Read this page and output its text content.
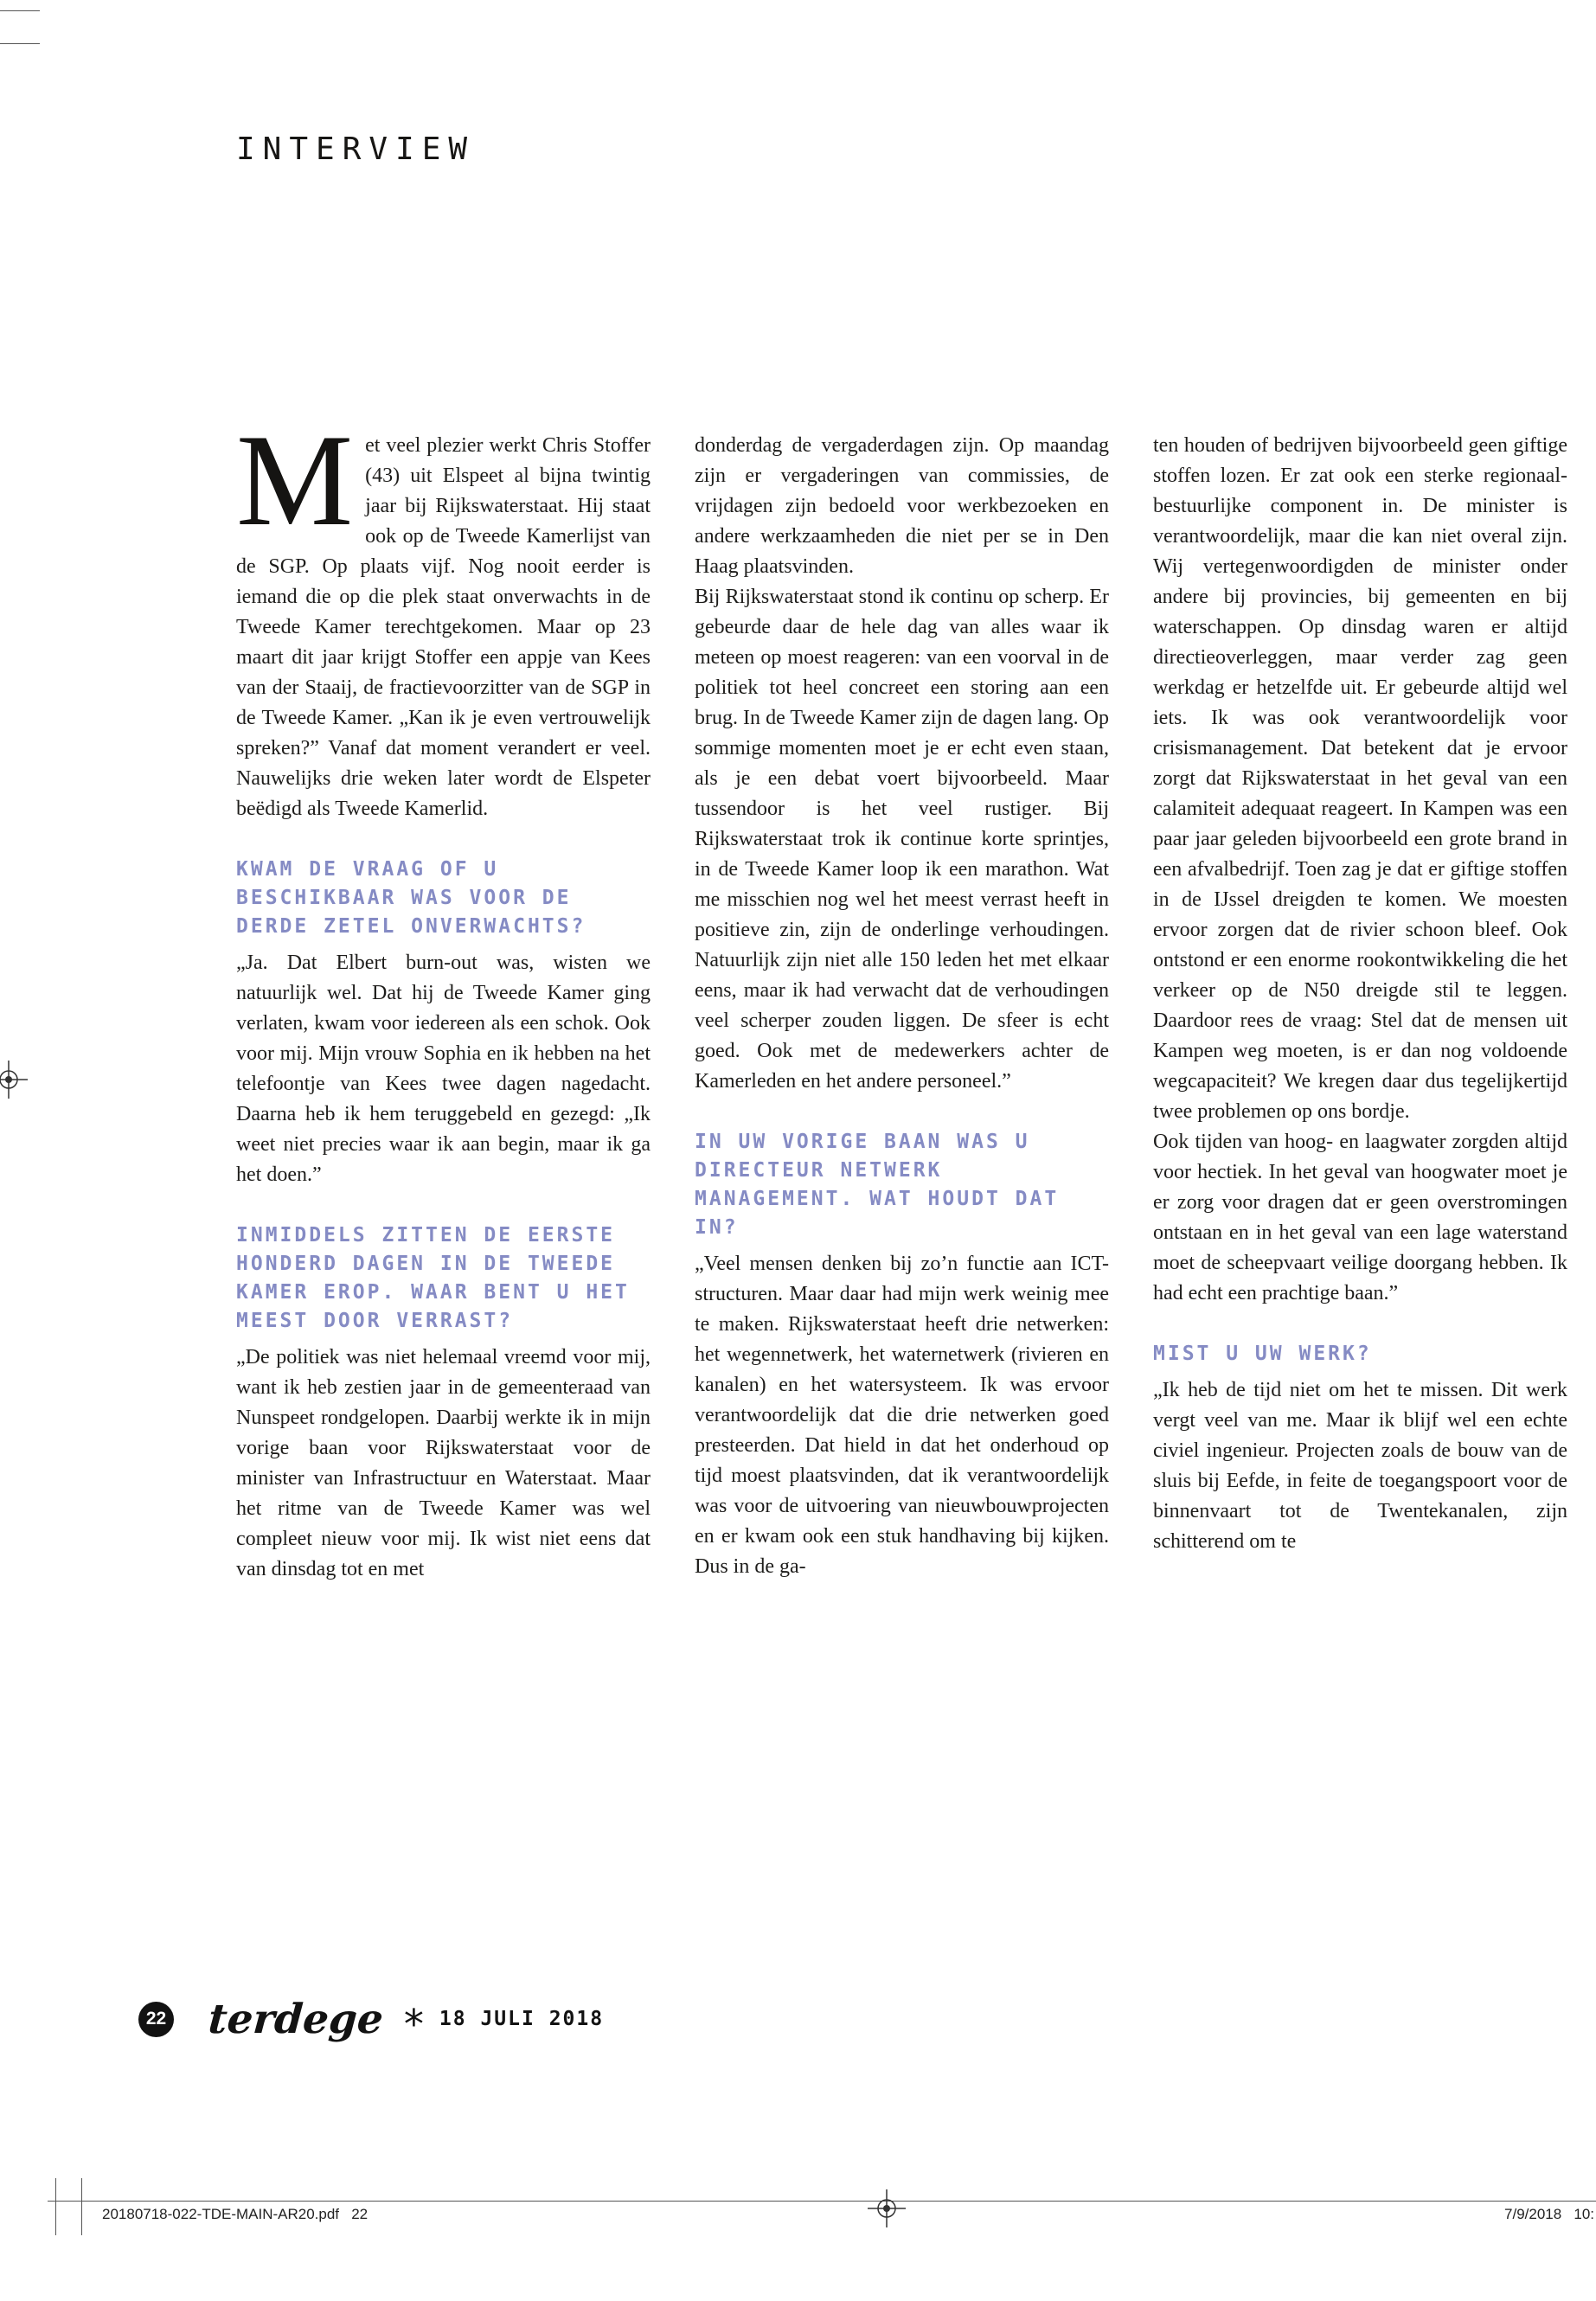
INTERVIEW

Met veel plezier werkt Chris Stoffer (43) uit Elspeet al bijna twintig jaar bij Rijkswaterstaat. Hij staat ook op de Tweede Kamerlijst van de SGP. Op plaats vijf. Nog nooit eerder is iemand die op die plek staat onverwachts in de Tweede Kamer terechtgekomen. Maar op 23 maart dit jaar krijgt Stoffer een appje van Kees van der Staaij, de fractievoorzitter van de SGP in de Tweede Kamer. „Kan ik je even vertrouwelijk spreken?” Vanaf dat moment verandert er veel. Nauwelijks drie weken later wordt de Elspeter beëdigd als Tweede Kamerlid.

KWAM DE VRAAG OF U BESCHIKBAAR WAS VOOR DE DERDE ZETEL ONVERWACHTS?

„Ja. Dat Elbert burn-out was, wisten we natuurlijk wel. Dat hij de Tweede Kamer ging verlaten, kwam voor iedereen als een schok. Ook voor mij. Mijn vrouw Sophia en ik hebben na het telefoontje van Kees twee dagen nagedacht. Daarna heb ik hem teruggebeld en gezegd: „Ik weet niet precies waar ik aan begin, maar ik ga het doen.”

INMIDDELS ZITTEN DE EERSTE HONDERD DAGEN IN DE TWEEDE KAMER EROP. WAAR BENT U HET MEEST DOOR VERRAST?

„De politiek was niet helemaal vreemd voor mij, want ik heb zestien jaar in de gemeenteraad van Nunspeet rondgelopen. Daarbij werkte ik in mijn vorige baan voor Rijkswaterstaat voor de minister van Infrastructuur en Waterstaat. Maar het ritme van de Tweede Kamer was wel compleet nieuw voor mij. Ik wist niet eens dat van dinsdag tot en met

donderdag de vergaderdagen zijn. Op maandag zijn er vergaderingen van commissies, de vrijdagen zijn bedoeld voor werkbezoeken en andere werkzaamheden die niet per se in Den Haag plaatsvinden.

Bij Rijkswaterstaat stond ik continu op scherp. Er gebeurde daar de hele dag van alles waar ik meteen op moest reageren: van een voorval in de politiek tot heel concreet een storing aan een brug. In de Tweede Kamer zijn de dagen lang. Op sommige momenten moet je er echt even staan, als je een debat voert bijvoorbeeld. Maar tussendoor is het veel rustiger. Bij Rijkswaterstaat trok ik continue korte sprintjes, in de Tweede Kamer loop ik een marathon. Wat me misschien nog wel het meest verrast heeft in positieve zin, zijn de onderlinge verhoudingen. Natuurlijk zijn niet alle 150 leden het met elkaar eens, maar ik had verwacht dat de verhoudingen veel scherper zouden liggen. De sfeer is echt goed. Ook met de medewerkers achter de Kamerleden en het andere personeel.”

IN UW VORIGE BAAN WAS U DIRECTEUR NETWERK MANAGEMENT. WAT HOUDT DAT IN?

„Veel mensen denken bij zo’n functie aan ICT-structuren. Maar daar had mijn werk weinig mee te maken. Rijkswaterstaat heeft drie netwerken: het wegennetwerk, het waternetwerk (rivieren en kanalen) en het watersysteem. Ik was ervoor verantwoordelijk dat die drie netwerken goed presteerden. Dat hield in dat het onderhoud op tijd moest plaatsvinden, dat ik verantwoordelijk was voor de uitvoering van nieuwbouwprojecten en er kwam ook een stuk handhaving bij kijken. Dus in de ga-

ten houden of bedrijven bijvoorbeeld geen giftige stoffen lozen. Er zat ook een sterke regionaal-bestuurlijke component in. De minister is verantwoordelijk, maar die kan niet overal zijn. Wij vertegenwoordigden de minister onder andere bij provincies, bij gemeenten en bij waterschappen. Op dinsdag waren er altijd directieoverleggen, maar verder zag geen werkdag er hetzelfde uit. Er gebeurde altijd wel iets. Ik was ook verantwoordelijk voor crisismanagement. Dat betekent dat je ervoor zorgt dat Rijkswaterstaat in het geval van een calamiteit adequaat reageert. In Kampen was een paar jaar geleden bijvoorbeeld een grote brand in een afvalbedrijf. Toen zag je dat er giftige stoffen in de IJssel dreigden te komen. We moesten ervoor zorgen dat de rivier schoon bleef. Ook ontstond er een enorme rookontwikkeling die het verkeer op de N50 dreigde stil te leggen. Daardoor rees de vraag: Stel dat de mensen uit Kampen weg moeten, is er dan nog voldoende wegcapaciteit? We kregen daar dus tegelijkertijd twee problemen op ons bordje.

Ook tijden van hoog- en laagwater zorgden altijd voor hectiek. In het geval van hoogwater moet je er zorg voor dragen dat er geen overstromingen ontstaan en in het geval van een lage waterstand moet de scheepvaart veilige doorgang hebben. Ik had echt een prachtige baan.”

MIST U UW WERK?

„Ik heb de tijd niet om het te missen. Dit werk vergt veel van me. Maar ik blijf wel een echte civiel ingenieur. Projecten zoals de bouw van de sluis bij Eefde, in feite de toegangspoort voor de binnenvaart tot de Twentekanalen, zijn schitterend om te

22 terdege * 18 JULI 2018
20180718-022-TDE-MAIN-AR20.pdf   22	7/9/2018   10:
